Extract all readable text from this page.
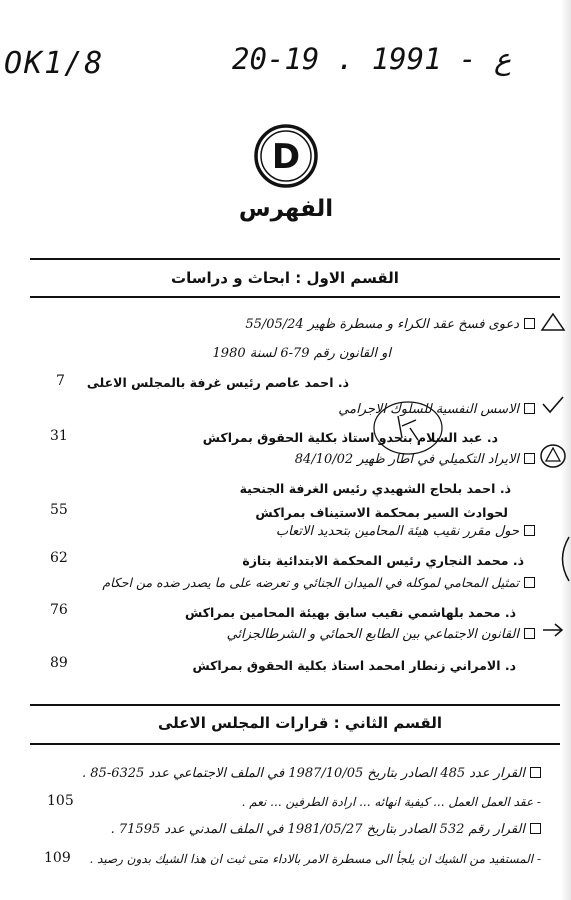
OK1/8	20-19 . ع - 1991
D
الفهرس
القسم الاول : ابحاث و دراسات
دعوى فسخ عقد الكراء و مسطرة ظهير 55/05/24
او القانون رقم 79-6 لسنة 1980
ذ. احمد عاصم رئيس غرفة بالمجلس الاعلى
7
الاسس النفسية للسلوك الاجرامي
د. عبد السلام بنحدو استاذ بكلية الحقوق بمراكش
31
الايراد التكميلي في اطار ظهير 84/10/02
ذ. احمد بلحاج الشهيدي رئيس الغرفة الجنحية
لحوادث السير بمحكمة الاستيناف بمراكش
55
حول مقرر نقيب هيئة المحامين بتحديد الاتعاب
ذ. محمد النجاري رئيس المحكمة الابتدائية بتازة
62
تمثيل المحامي لموكله في الميدان الجنائي و تعرضه على ما يصدر ضده من احكام
ذ. محمد بلهاشمي نقيب سابق بهيئة المحامين بمراكش
76
القانون الاجتماعي بين الطابع الحمائي و الشرطالجزائي
د. الامراني زنطار امحمد استاذ بكلية الحقوق بمراكش
89
القسم الثاني : قرارات المجلس الاعلى
القرار عدد 485 الصادر بتاريخ 1987/10/05 في الملف الاجتماعي عدد 6325-85 .
- عقد العمل العمل ... كيفية انهائه ... ارادة الطرفين ... نعم .
105
القرار رقم 532 الصادر بتاريخ 1981/05/27 في الملف المدني عدد 71595 .
- المستفيد من الشيك ان يلجأ الى مسطرة الامر بالاداء متى ثبت ان هذا الشيك بدون رصيد .
109
